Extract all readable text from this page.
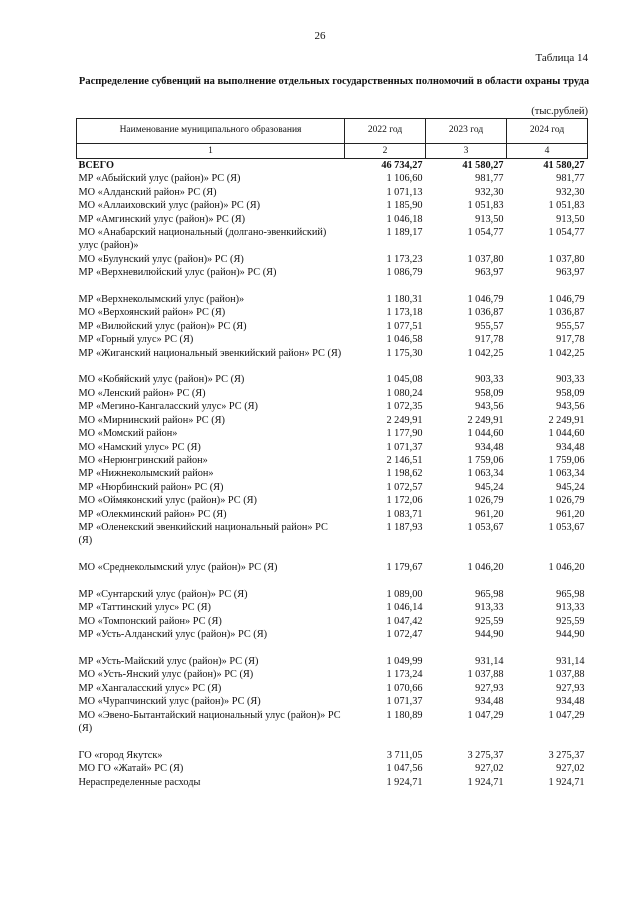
26
Таблица 14
Распределение субвенций на выполнение отдельных государственных полномочий в области охраны труда
(тыс.рублей)
Наименование муниципального образования	2022 год	2023 год	2024 год
1	2	3	4
ВСЕГО	46 734,27	41 580,27	41 580,27
МР «Абыйский улус (район)» РС (Я)	1 106,60	981,77	981,77
МО «Алданский район» РС (Я)	1 071,13	932,30	932,30
МО «Аллаиховский улус (район)» РС (Я)	1 185,90	1 051,83	1 051,83
МР «Амгинский улус (район)» РС (Я)	1 046,18	913,50	913,50
МО «Анабарский национальный (долгано-эвенкийский) улус (район)»	1 189,17	1 054,77	1 054,77
МО «Булунский улус (район)» РС (Я)	1 173,23	1 037,80	1 037,80
МР «Верхневилюйский улус (район)» РС (Я)	1 086,79	963,97	963,97

МР «Верхнеколымский улус (район)»	1 180,31	1 046,79	1 046,79
МО «Верхоянский район» РС (Я)	1 173,18	1 036,87	1 036,87
МР «Вилюйский улус (район)» РС (Я)	1 077,51	955,57	955,57
МР «Горный улус» РС (Я)	1 046,58	917,78	917,78
МР «Жиганский национальный эвенкийский район» РС (Я)	1 175,30	1 042,25	1 042,25

МО «Кобяйский улус (район)» РС (Я)	1 045,08	903,33	903,33
МО «Ленский район» РС (Я)	1 080,24	958,09	958,09
МР «Мегино-Кангаласский улус» РС (Я)	1 072,35	943,56	943,56
МО «Мирнинский район» РС (Я)	2 249,91	2 249,91	2 249,91
МО «Момский район»	1 177,90	1 044,60	1 044,60
МО «Намский улус» РС (Я)	1 071,37	934,48	934,48
МО «Нерюнгринский район»	2 146,51	1 759,06	1 759,06
МР «Нижнеколымский район»	1 198,62	1 063,34	1 063,34
МР «Нюрбинский район» РС (Я)	1 072,57	945,24	945,24
МО «Оймяконский улус (район)» РС (Я)	1 172,06	1 026,79	1 026,79
МР «Олекминский район» РС (Я)	1 083,71	961,20	961,20
МР «Оленекский эвенкийский национальный район» РС (Я)	1 187,93	1 053,67	1 053,67

МО «Среднеколымский улус (район)» РС (Я)	1 179,67	1 046,20	1 046,20

МР «Сунтарский улус (район)» РС (Я)	1 089,00	965,98	965,98
МР «Таттинский улус» РС (Я)	1 046,14	913,33	913,33
МО «Томпонский район» РС (Я)	1 047,42	925,59	925,59
МР «Усть-Алданский улус (район)» РС (Я)	1 072,47	944,90	944,90

МР «Усть-Майский улус (район)» РС (Я)	1 049,99	931,14	931,14
МО «Усть-Янский улус (район)» РС (Я)	1 173,24	1 037,88	1 037,88
МР «Хангаласский улус» РС (Я)	1 070,66	927,93	927,93
МО «Чурапчинский улус (район)» РС (Я)	1 071,37	934,48	934,48
МО «Эвено-Бытантайский национальный улус (район)» РС (Я)	1 180,89	1 047,29	1 047,29

ГО «город Якутск»	3 711,05	3 275,37	3 275,37
МО ГО «Жатай» РС (Я)	1 047,56	927,02	927,02
Нераспределенные расходы	1 924,71	1 924,71	1 924,71
